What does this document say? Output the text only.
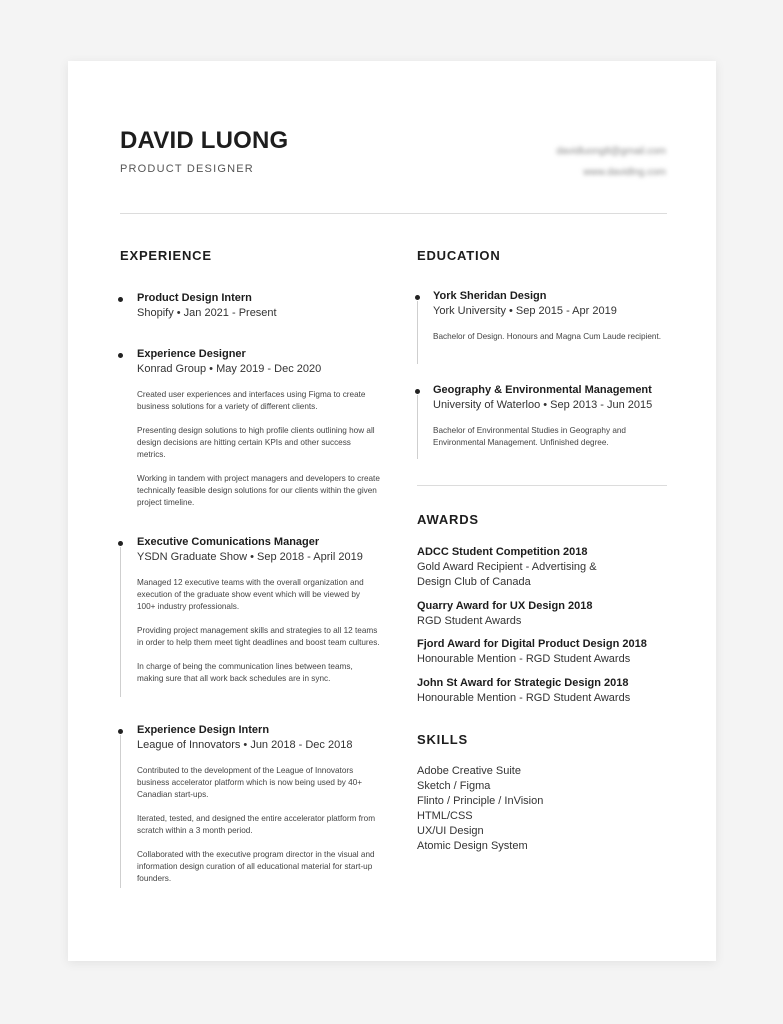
DAVID LUONG
PRODUCT DESIGNER
davidluong8@gmail.com
www.davidlng.com
EXPERIENCE
Product Design Intern
Shopify • Jan 2021 - Present
Experience Designer
Konrad Group • May 2019 - Dec 2020
Created user experiences and interfaces using Figma to create business solutions for a variety of different clients.
Presenting design solutions to high profile clients outlining how all design decisions are hitting certain KPIs and other success metrics.
Working in tandem with project managers and developers to create technically feasible design solutions for our clients within the given project timeline.
Executive Comunications Manager
YSDN Graduate Show • Sep 2018 - April 2019
Managed 12 executive teams with the overall organization and execution of the graduate show event which will be viewed by 100+ industry professionals.
Providing project management skills and strategies to all 12 teams in order to help them meet tight deadlines and boost team cultures.
In charge of being the communication lines between teams, making sure that all work back schedules are in sync.
Experience Design Intern
League of Innovators • Jun 2018 - Dec 2018
Contributed to the development of the League of Innovators business accelerator platform which is now being used by 40+ Canadian start-ups.
Iterated, tested, and designed the entire accelerator platform from scratch within a 3 month period.
Collaborated with the executive program director in the visual and information design curation of all educational material for start-up founders.
EDUCATION
York Sheridan Design
York University • Sep 2015 - Apr 2019
Bachelor of Design. Honours and Magna Cum Laude recipient.
Geography & Environmental Management
University of Waterloo • Sep 2013 - Jun 2015
Bachelor of Environmental Studies in Geography and Environmental Management. Unfinished degree.
AWARDS
ADCC Student Competition 2018
Gold Award Recipient - Advertising & Design Club of Canada
Quarry Award for UX Design 2018
RGD Student Awards
Fjord Award for Digital Product Design 2018
Honourable Mention - RGD Student Awards
John St Award for Strategic Design 2018
Honourable Mention - RGD Student Awards
SKILLS
Adobe Creative Suite
Sketch / Figma
Flinto / Principle / InVision
HTML/CSS
UX/UI Design
Atomic Design System
